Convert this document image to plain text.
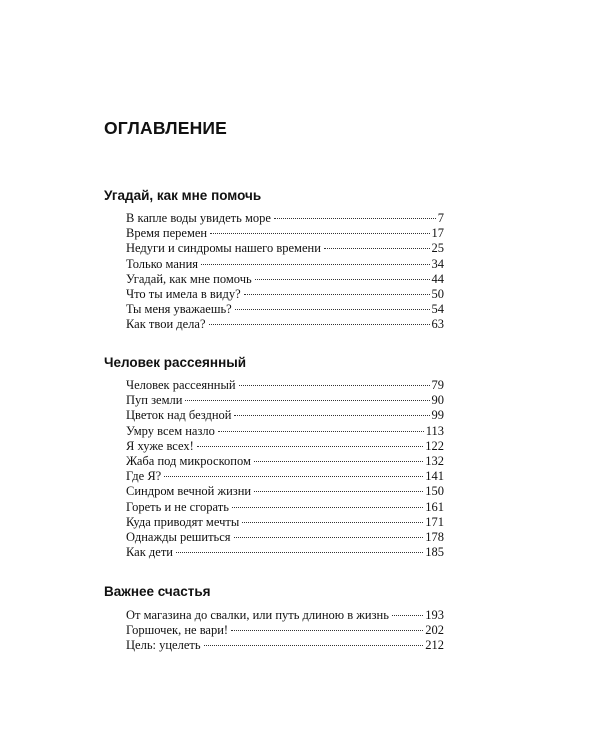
ОГЛАВЛЕНИЕ
Угадай, как мне помочь
В капле воды увидеть море	7
Время перемен	17
Недуги и синдромы нашего времени	25
Только мания	34
Угадай, как мне помочь	44
Что ты имела в виду?	50
Ты меня уважаешь?	54
Как твои дела?	63
Человек рассеянный
Человек рассеянный	79
Пуп земли	90
Цветок над бездной	99
Умру всем назло	113
Я хуже всех!	122
Жаба под микроскопом	132
Где Я?	141
Синдром вечной жизни	150
Гореть и не сгорать	161
Куда приводят мечты	171
Однажды решиться	178
Как дети	185
Важнее счастья
От магазина до свалки, или путь длиною в жизнь	193
Горшочек, не вари!	202
Цель: уцелеть	212
